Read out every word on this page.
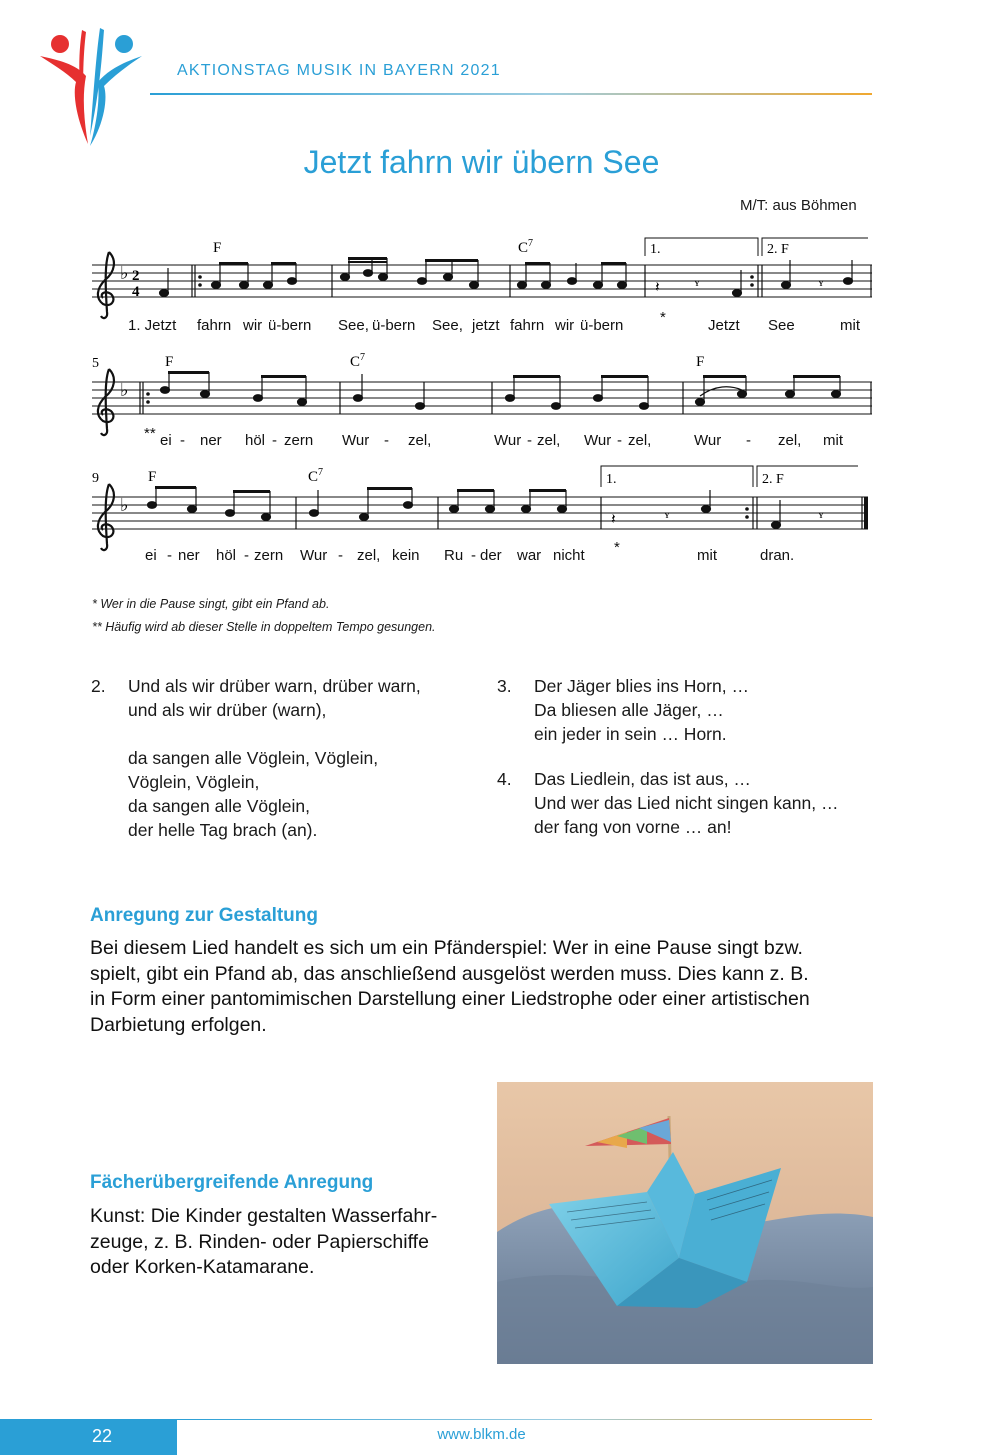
AKTIONSTAG MUSIK IN BAYERN 2021
Jetzt fahrn wir übern See
M/T: aus Böhmen
♭ 2
4	𝄽	ʏ	ʏ
F	$C^7$	1.	2. F
1. Jetzt fahrn wir ü-bern See, ü-bern See, jetzt fahrn wir ü-bern *	Jetzt See	mit
5
♭
F	$C^7$	F
** ei - ner höl - zern Wur - zel,	Wur - zel, Wur - zel,	Wur - zel, mit
9
♭
𝄽	ʏ	ʏ
F	$C^7$	1.	2. F
ei - ner höl - zern Wur - zel, kein Ru - der war nicht *	mit	dran.
* Wer in die Pause singt, gibt ein Pfand ab.
** Häufig wird ab dieser Stelle in doppeltem Tempo gesungen.
2. Und als wir drüber warn, drüber warn,
und als wir drüber (warn),
da sangen alle Vöglein, Vöglein,
Vöglein, Vöglein,
da sangen alle Vöglein,
der helle Tag brach (an).
3. Der Jäger blies ins Horn, …
Da bliesen alle Jäger, …
ein jeder in sein … Horn.
4. Das Liedlein, das ist aus, …
Und wer das Lied nicht singen kann, …
der fang von vorne … an!
Anregung zur Gestaltung
Bei diesem Lied handelt es sich um ein Pfänderspiel: Wer in eine Pause singt bzw.
spielt, gibt ein Pfand ab, das anschließend ausgelöst werden muss. Dies kann z. B.
in Form einer pantomimischen Darstellung einer Liedstrophe oder einer artistischen
Darbietung erfolgen.
Fächerübergreifende Anregung
Kunst: Die Kinder gestalten Wasserfahr-
zeuge, z. B. Rinden- oder Papierschiffe
oder Korken-Katamarane.
22	www.blkm.de
